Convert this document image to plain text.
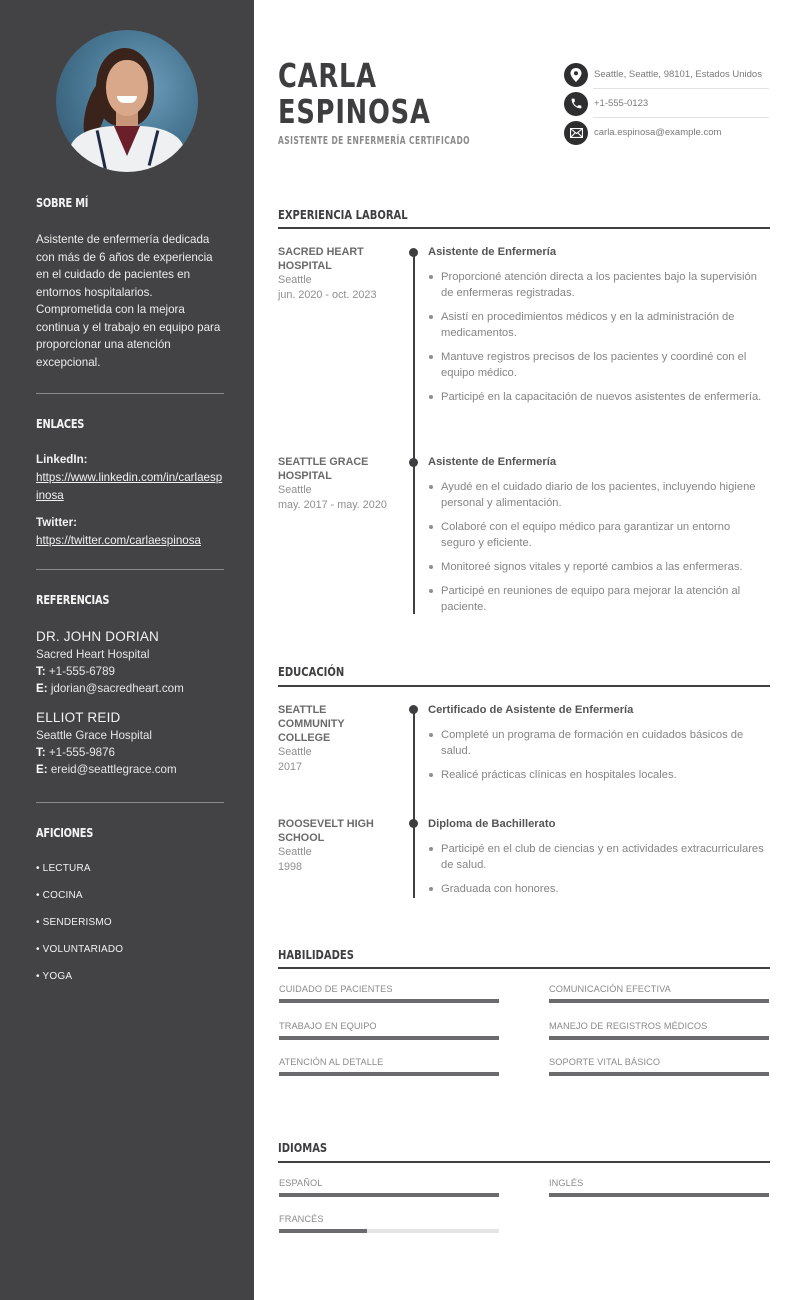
SOBRE MÍ

Asistente de enfermería dedicada con más de 6 años de experiencia en el cuidado de pacientes en entornos hospitalarios. Comprometida con la mejora continua y el trabajo en equipo para proporcionar una atención excepcional.

ENLACES
LinkedIn:
https://www.linkedin.com/in/carlaespinosa
Twitter:
https://twitter.com/carlaespinosa
REFERENCIAS
DR. JOHN DORIAN
Sacred Heart Hospital
T: +1-555-6789
E: jdorian@sacredheart.com
ELLIOT REID
Seattle Grace Hospital
T: +1-555-9876
E: ereid@seattlegrace.com
AFICIONES
• LECTURA
• COCINA
• SENDERISMO
• VOLUNTARIADO
• YOGA
CARLA
ESPINOSA
ASISTENTE DE ENFERMERÍA CERTIFICADO
Seattle, Seattle, 98101, Estados Unidos
+1-555-0123
carla.espinosa@example.com
EXPERIENCIA LABORAL
SACRED HEART HOSPITAL
Seattle
jun. 2020 - oct. 2023
Asistente de Enfermería
Proporcioné atención directa a los pacientes bajo la supervisión de enfermeras registradas.
Asistí en procedimientos médicos y en la administración de medicamentos.
Mantuve registros precisos de los pacientes y coordiné con el equipo médico.
Participé en la capacitación de nuevos asistentes de enfermería.
SEATTLE GRACE HOSPITAL
Seattle
may. 2017 - may. 2020
Asistente de Enfermería
Ayudé en el cuidado diario de los pacientes, incluyendo higiene personal y alimentación.
Colaboré con el equipo médico para garantizar un entorno seguro y eficiente.
Monitoreé signos vitales y reporté cambios a las enfermeras.
Participé en reuniones de equipo para mejorar la atención al paciente.
EDUCACIÓN
SEATTLE COMMUNITY COLLEGE
Seattle
2017
Certificado de Asistente de Enfermería
Completé un programa de formación en cuidados básicos de salud.
Realicé prácticas clínicas en hospitales locales.
ROOSEVELT HIGH SCHOOL
Seattle
1998
Diploma de Bachillerato
Participé en el club de ciencias y en actividades extracurriculares de salud.
Graduada con honores.
HABILIDADES
CUIDADO DE PACIENTES	COMUNICACIÓN EFECTIVA
TRABAJO EN EQUIPO	MANEJO DE REGISTROS MÉDICOS
ATENCIÓN AL DETALLE	SOPORTE VITAL BÁSICO
IDIOMAS
ESPAÑOL	INGLÉS
FRANCÉS
